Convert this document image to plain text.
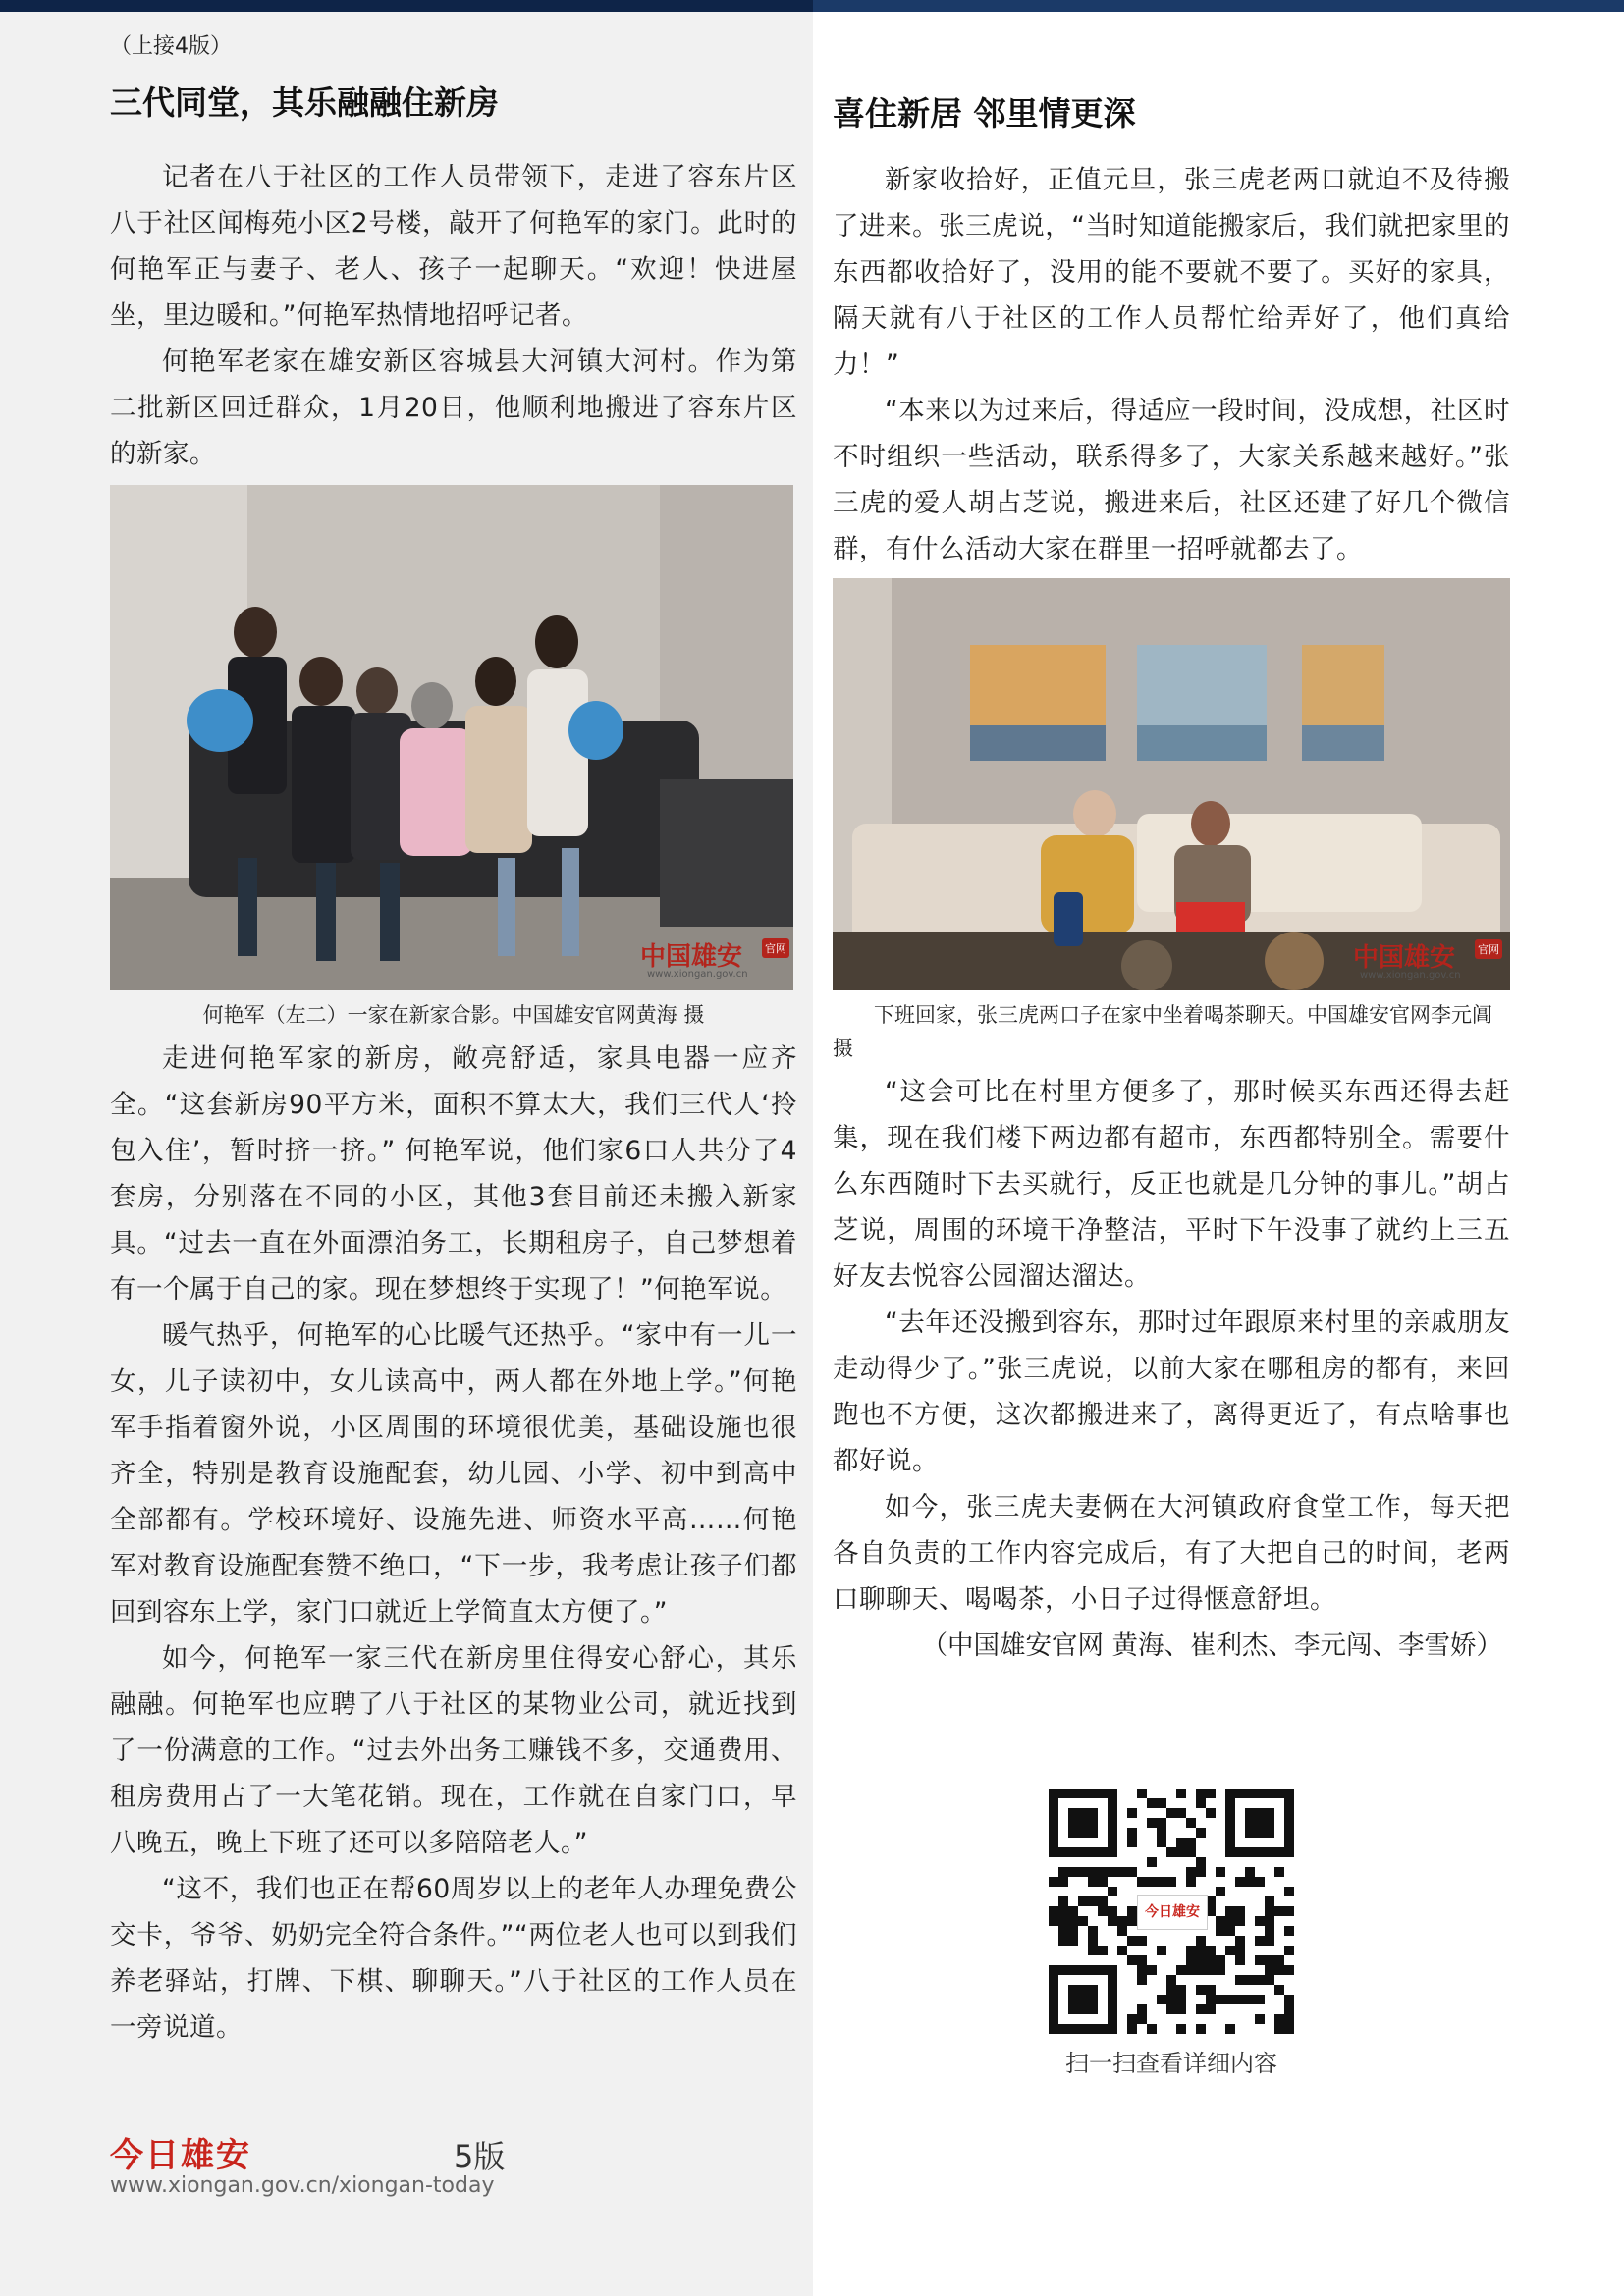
（上接4版）
三代同堂，其乐融融住新房

记者在八于社区的工作人员带领下，走进了容东片区八于社区闻梅苑小区2号楼，敲开了何艳军的家门。此时的何艳军正与妻子、老人、孩子一起聊天。“欢迎！快进屋坐，里边暖和。”何艳军热情地招呼记者。

何艳军老家在雄安新区容城县大河镇大河村。作为第二批新区回迁群众，1月20日，他顺利地搬进了容东片区的新家。

中国雄安 官网
www.xiongan.gov.cn
何艳军（左二）一家在新家合影。中国雄安官网黄海 摄

走进何艳军家的新房，敞亮舒适，家具电器一应齐全。“这套新房90平方米，面积不算太大，我们三代人‘拎包入住’，暂时挤一挤。” 何艳军说，他们家6口人共分了4套房，分别落在不同的小区，其他3套目前还未搬入新家具。“过去一直在外面漂泊务工，长期租房子，自己梦想着有一个属于自己的家。现在梦想终于实现了！”何艳军说。

暖气热乎，何艳军的心比暖气还热乎。“家中有一儿一女，儿子读初中，女儿读高中，两人都在外地上学。”何艳军手指着窗外说，小区周围的环境很优美，基础设施也很齐全，特别是教育设施配套，幼儿园、小学、初中到高中全部都有。学校环境好、设施先进、师资水平高……何艳军对教育设施配套赞不绝口，“下一步，我考虑让孩子们都回到容东上学，家门口就近上学简直太方便了。”

如今，何艳军一家三代在新房里住得安心舒心，其乐融融。何艳军也应聘了八于社区的某物业公司，就近找到了一份满意的工作。“过去外出务工赚钱不多，交通费用、租房费用占了一大笔花销。现在，工作就在自家门口，早八晚五，晚上下班了还可以多陪陪老人。”

“这不，我们也正在帮60周岁以上的老年人办理免费公交卡，爷爷、奶奶完全符合条件。”“两位老人也可以到我们养老驿站，打牌、下棋、聊聊天。”八于社区的工作人员在一旁说道。

喜住新居 邻里情更深

新家收拾好，正值元旦，张三虎老两口就迫不及待搬了进来。张三虎说，“当时知道能搬家后，我们就把家里的东西都收拾好了，没用的能不要就不要了。买好的家具，隔天就有八于社区的工作人员帮忙给弄好了，他们真给力！”

“本来以为过来后，得适应一段时间，没成想，社区时不时组织一些活动，联系得多了，大家关系越来越好。”张三虎的爱人胡占芝说，搬进来后，社区还建了好几个微信群，有什么活动大家在群里一招呼就都去了。

中国雄安 官网
www.xiongan.gov.cn
下班回家，张三虎两口子在家中坐着喝茶聊天。中国雄安官网李元阊 摄

“这会可比在村里方便多了，那时候买东西还得去赶集，现在我们楼下两边都有超市，东西都特别全。需要什么东西随时下去买就行，反正也就是几分钟的事儿。”胡占芝说，周围的环境干净整洁，平时下午没事了就约上三五好友去悦容公园溜达溜达。

“去年还没搬到容东，那时过年跟原来村里的亲戚朋友走动得少了。”张三虎说，以前大家在哪租房的都有，来回跑也不方便，这次都搬进来了，离得更近了，有点啥事也都好说。

如今，张三虎夫妻俩在大河镇政府食堂工作，每天把各自负责的工作内容完成后，有了大把自己的时间，老两口聊聊天、喝喝茶，小日子过得惬意舒坦。

（中国雄安官网 黄海、崔利杰、李元闯、李雪娇）

扫一扫查看详细内容
今日雄安
今日雄安	5版
www.xiongan.gov.cn/xiongan-today
